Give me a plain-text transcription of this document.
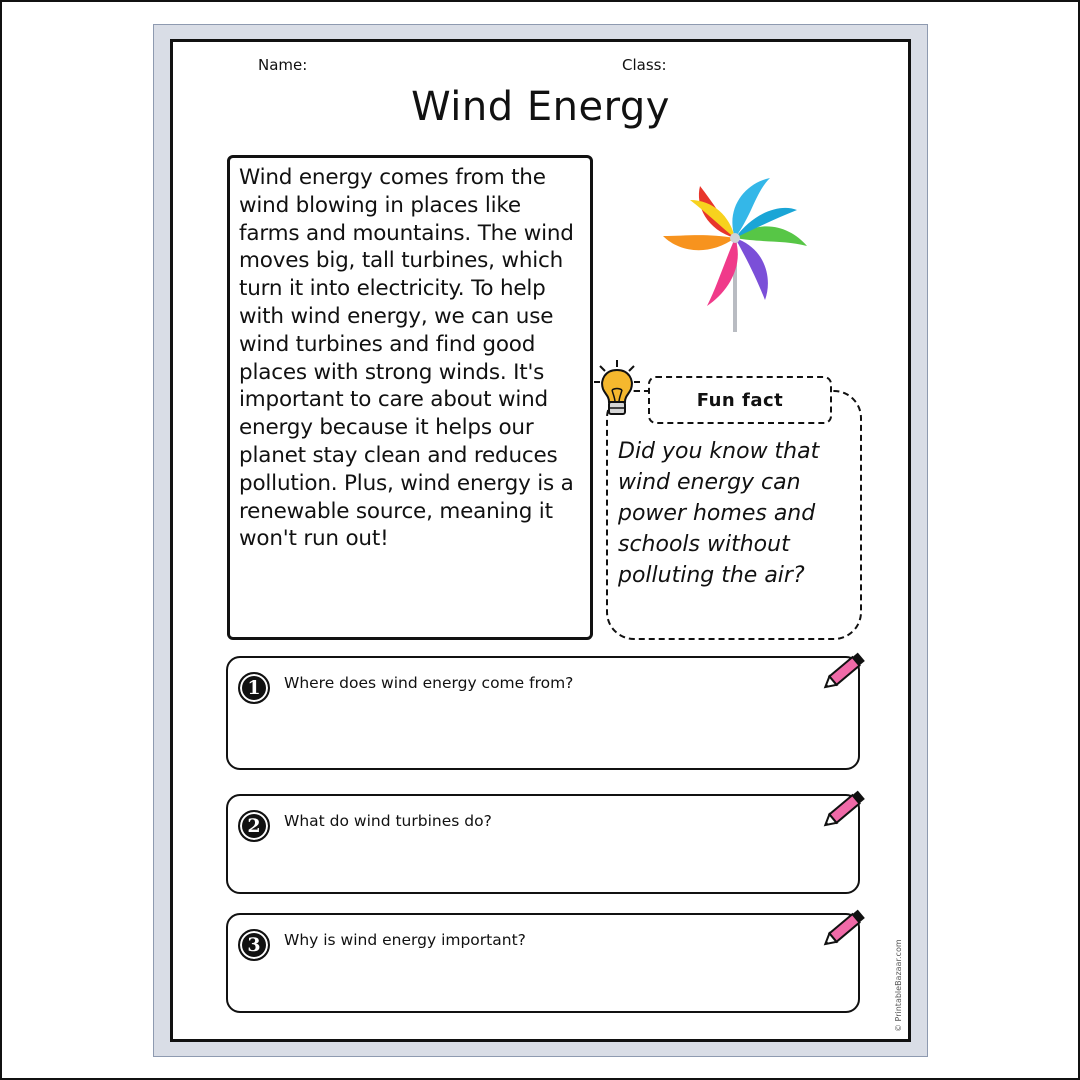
Name:	Class:
Wind Energy

Wind energy comes from the wind blowing in places like farms and mountains. The wind moves big, tall turbines, which turn it into electricity. To help with wind energy, we can use wind turbines and find good places with strong winds. It's important to care about wind energy because it helps our planet stay clean and reduces pollution. Plus, wind energy is a renewable source, meaning it won't run out!

Fun fact
Did you know that wind energy can power homes and schools without polluting the air?
1	Where does wind energy come from?
2	What do wind turbines do?
3	Why is wind energy important?	© PrintableBazaar.com
